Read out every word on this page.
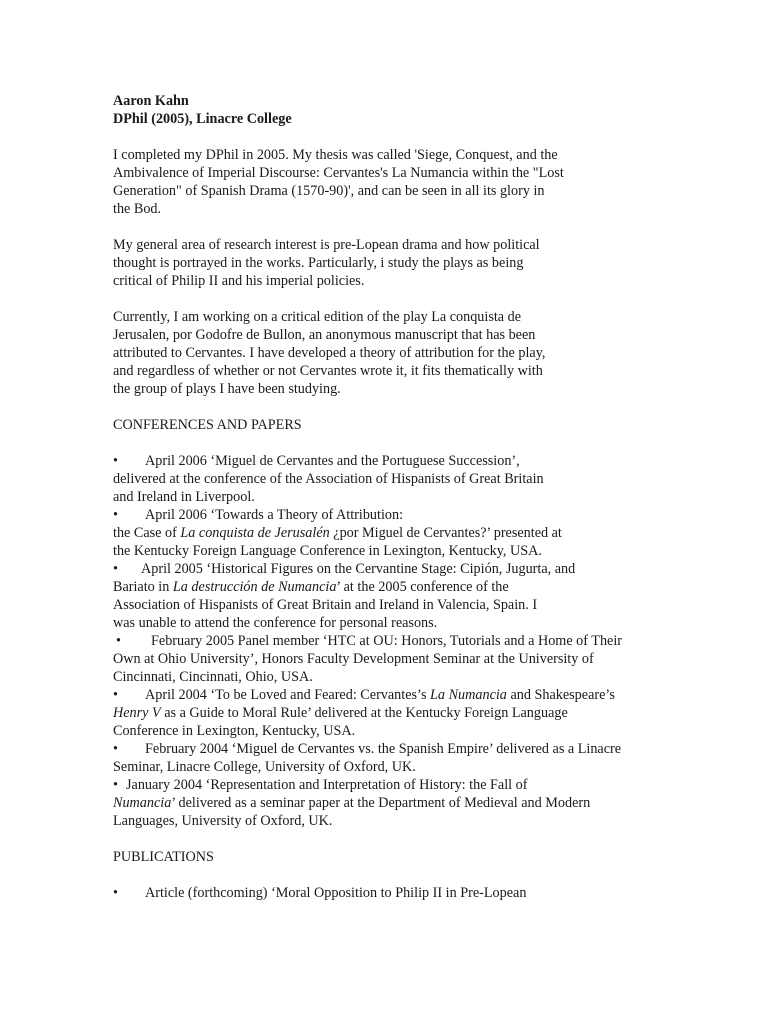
Aaron Kahn
DPhil (2005), Linacre College
I completed my DPhil in 2005. My thesis was called 'Siege, Conquest, and the
Ambivalence of Imperial Discourse: Cervantes's La Numancia within the "Lost
Generation" of Spanish Drama (1570-90)', and can be seen in all its glory in
the Bod.
My general area of research interest is pre-Lopean drama and how political
thought is portrayed in the works. Particularly, i study the plays as being
critical of Philip II and his imperial policies.
Currently, I am working on a critical edition of the play La conquista de
Jerusalen, por Godofre de Bullon, an anonymous manuscript that has been
attributed to Cervantes. I have developed a theory of attribution for the play,
and regardless of whether or not Cervantes wrote it, it fits thematically with
the group of plays I have been studying.
CONFERENCES AND PAPERS
• April 2006 ‘Miguel de Cervantes and the Portuguese Succession’,
delivered at the conference of the Association of Hispanists of Great Britain
and Ireland in Liverpool.
• April 2006 ‘Towards a Theory of Attribution:
the Case of La conquista de Jerusalén ¿por Miguel de Cervantes?’ presented at
the Kentucky Foreign Language Conference in Lexington, Kentucky, USA.
• April 2005 ‘Historical Figures on the Cervantine Stage: Cipión, Jugurta, and
Bariato in La destrucción de Numancia’ at the 2005 conference of the
Association of Hispanists of Great Britain and Ireland in Valencia, Spain. I
was unable to attend the conference for personal reasons.
• February 2005 Panel member ‘HTC at OU: Honors, Tutorials and a Home of Their
Own at Ohio University’, Honors Faculty Development Seminar at the University of
Cincinnati, Cincinnati, Ohio, USA.
• April 2004 ‘To be Loved and Feared: Cervantes’s La Numancia and Shakespeare’s
Henry V as a Guide to Moral Rule’ delivered at the Kentucky Foreign Language
Conference in Lexington, Kentucky, USA.
• February 2004 ‘Miguel de Cervantes vs. the Spanish Empire’ delivered as a Linacre
Seminar, Linacre College, University of Oxford, UK.
• January 2004 ‘Representation and Interpretation of History: the Fall of
Numancia’ delivered as a seminar paper at the Department of Medieval and Modern
Languages, University of Oxford, UK.
PUBLICATIONS
• Article (forthcoming) ‘Moral Opposition to Philip II in Pre-Lopean
